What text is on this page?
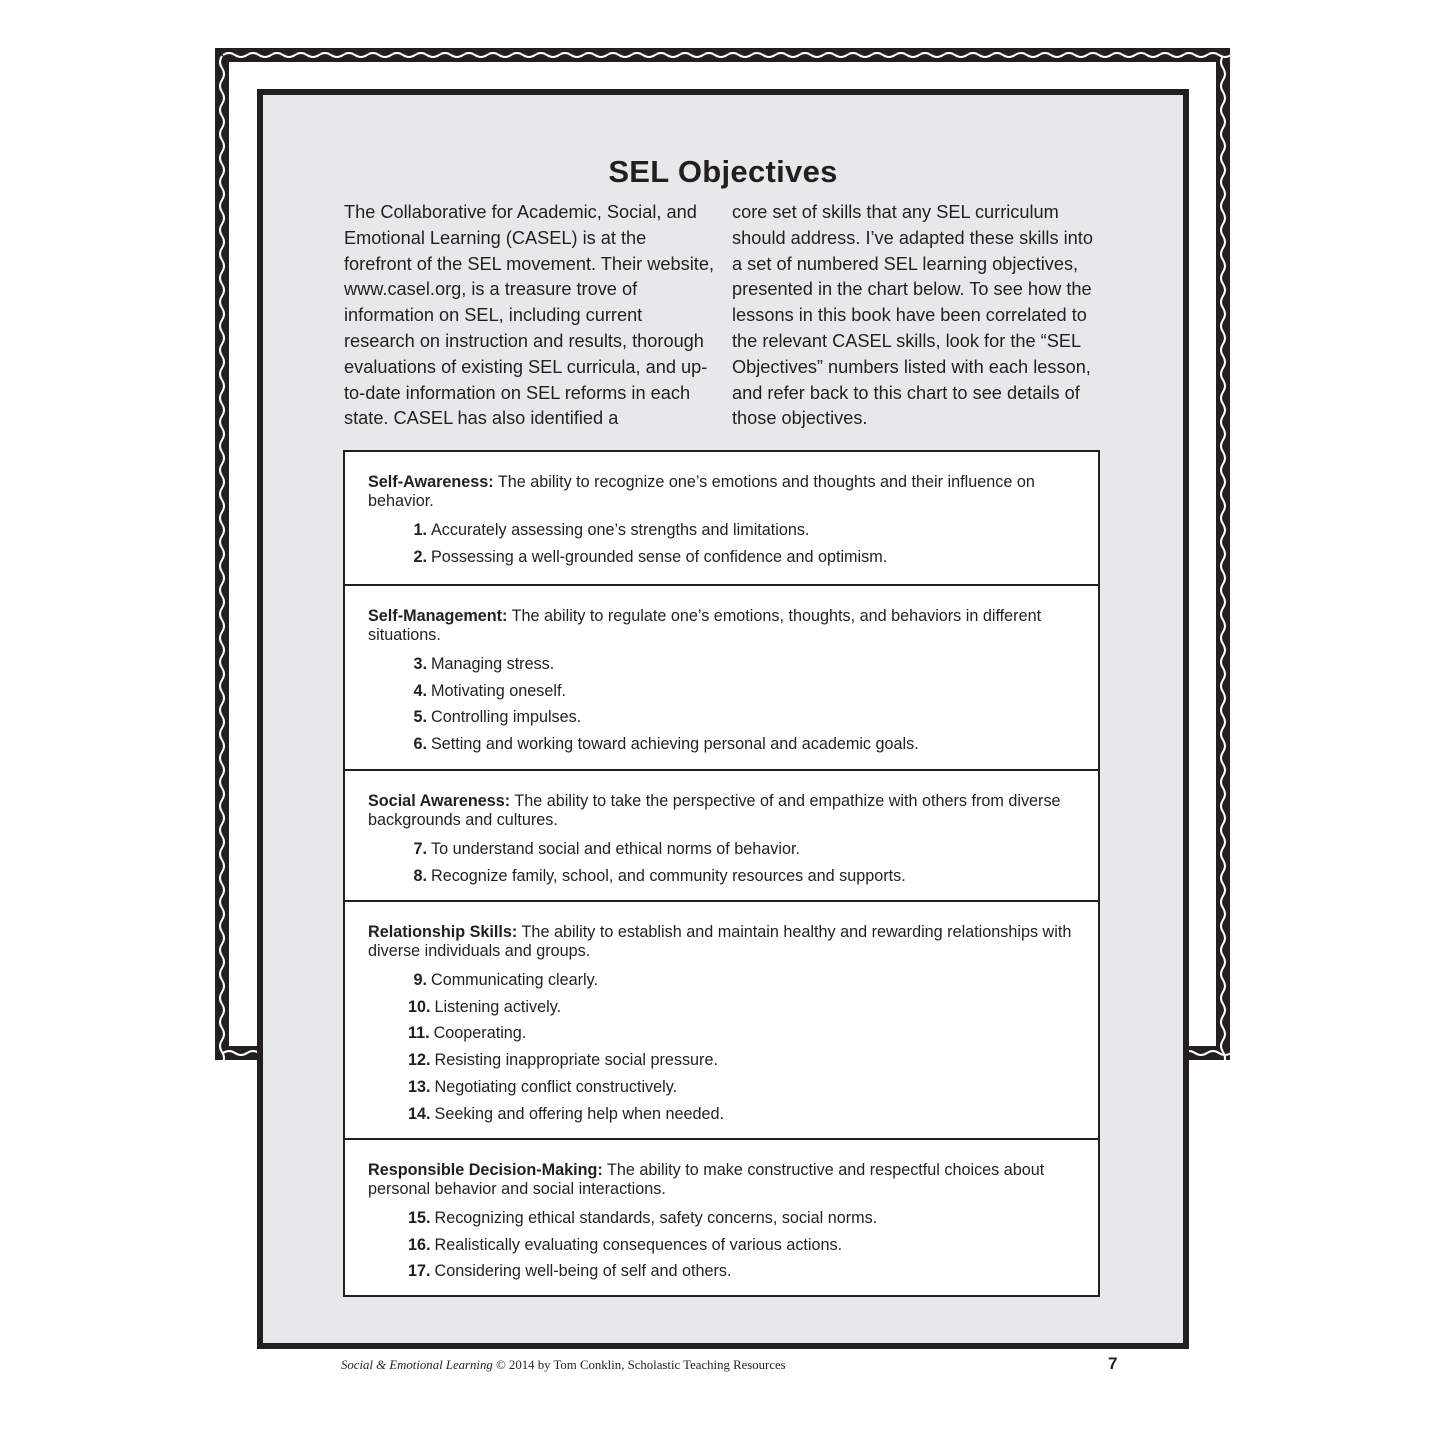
SEL Objectives

The Collaborative for Academic, Social, and Emotional Learning (CASEL) is at the forefront of the SEL movement. Their website, www.casel.org, is a treasure trove of information on SEL, including current research on instruction and results, thorough evaluations of existing SEL curricula, and up-to-date information on SEL reforms in each state. CASEL has also identified a

core set of skills that any SEL curriculum should address. I’ve adapted these skills into a set of numbered SEL learning objectives, presented in the chart below. To see how the lessons in this book have been correlated to the relevant CASEL skills, look for the “SEL Objectives” numbers listed with each lesson, and refer back to this chart to see details of those objectives.

Self-Awareness: The ability to recognize one’s emotions and thoughts and their influence on behavior.

1. Accurately assessing one’s strengths and limitations.

2. Possessing a well-grounded sense of confidence and optimism.

Self-Management: The ability to regulate one’s emotions, thoughts, and behaviors in different situations.

3. Managing stress.

4. Motivating oneself.

5. Controlling impulses.

6. Setting and working toward achieving personal and academic goals.

Social Awareness: The ability to take the perspective of and empathize with others from diverse backgrounds and cultures.

7. To understand social and ethical norms of behavior.

8. Recognize family, school, and community resources and supports.

Relationship Skills: The ability to establish and maintain healthy and rewarding relationships with diverse individuals and groups.

9. Communicating clearly.

10. Listening actively.

11. Cooperating.

12. Resisting inappropriate social pressure.

13. Negotiating conflict constructively.

14. Seeking and offering help when needed.

Responsible Decision-Making: The ability to make constructive and respectful choices about personal behavior and social interactions.

15. Recognizing ethical standards, safety concerns, social norms.

16. Realistically evaluating consequences of various actions.

17. Considering well-being of self and others.

Social & Emotional Learning © 2014 by Tom Conklin, Scholastic Teaching Resources	7
